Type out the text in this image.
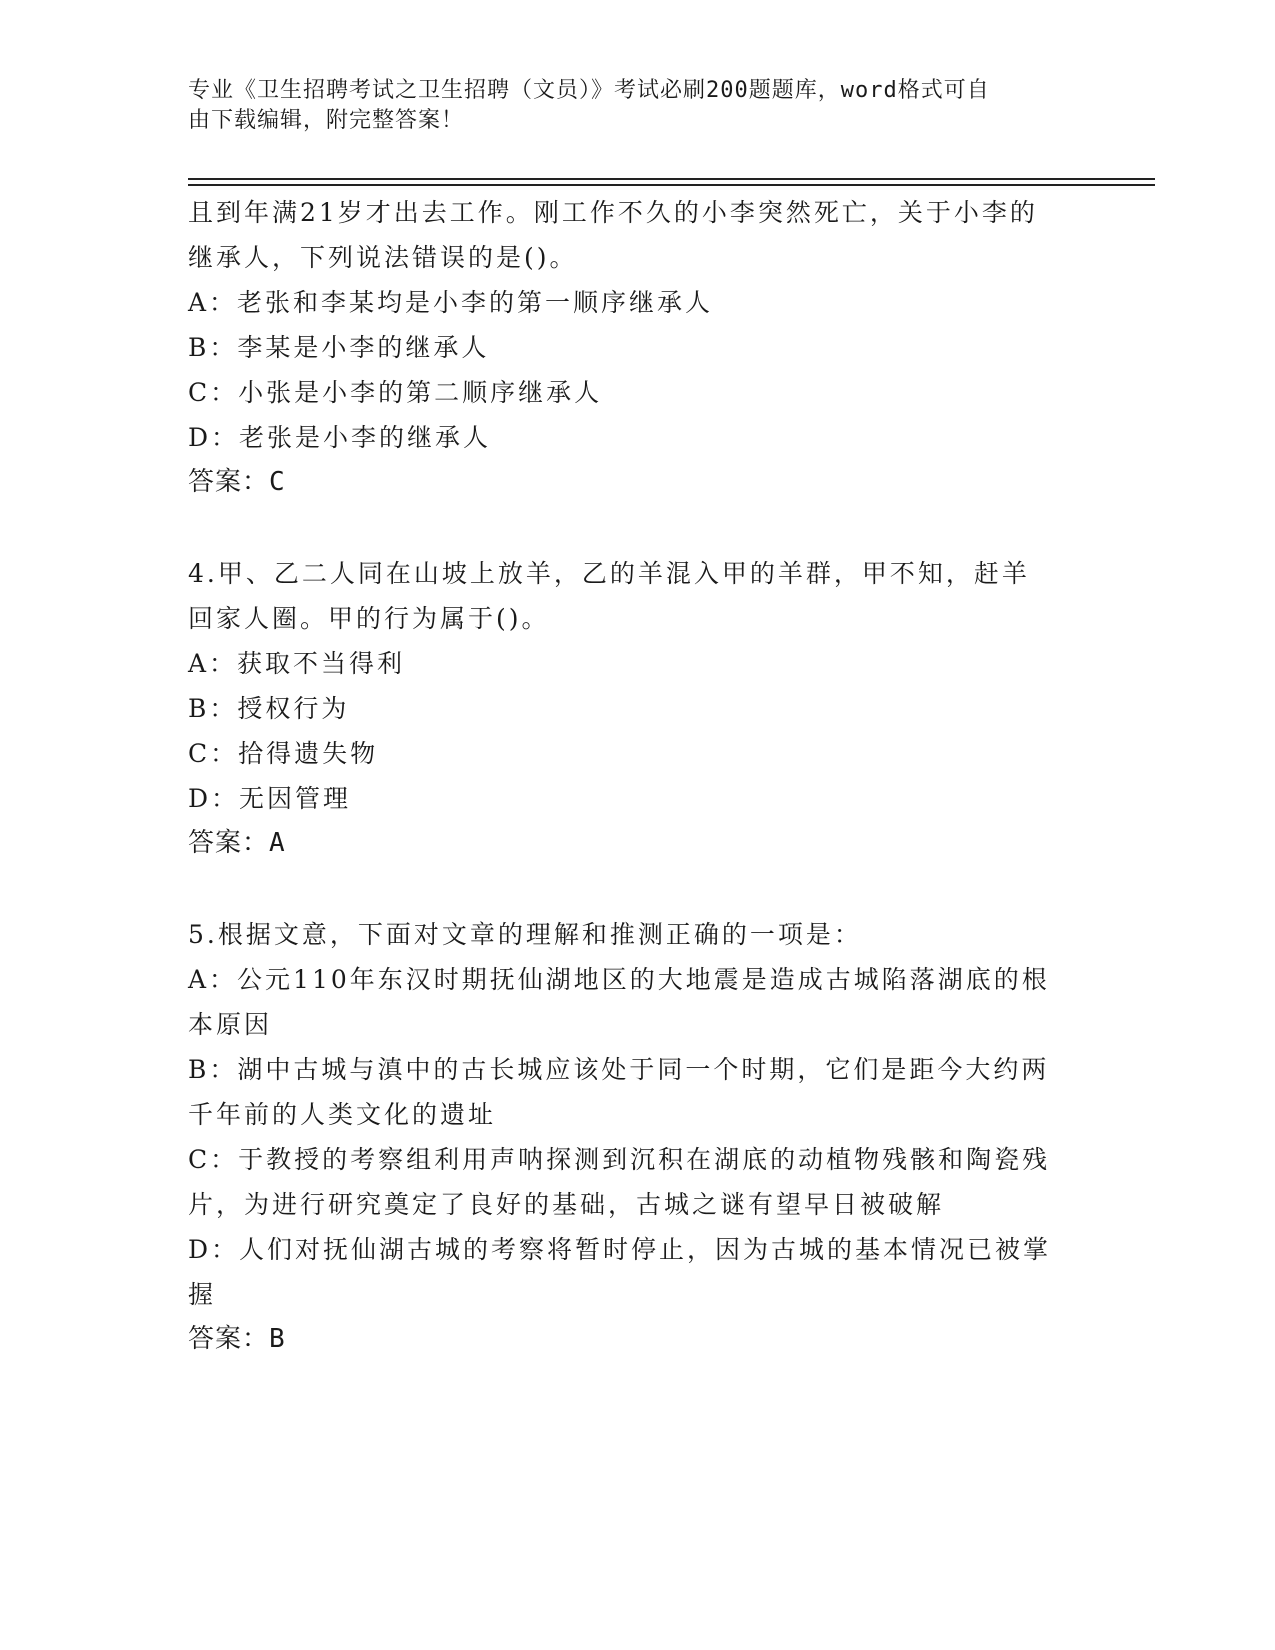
专业《卫生招聘考试之卫生招聘（文员）》考试必刷200题题库，word格式可自
由下载编辑，附完整答案！
且到年满21岁才出去工作。刚工作不久的小李突然死亡，关于小李的
继承人，下列说法错误的是()。
A：老张和李某均是小李的第一顺序继承人
B：李某是小李的继承人
C：小张是小李的第二顺序继承人
D：老张是小李的继承人
答案：C
4.甲、乙二人同在山坡上放羊，乙的羊混入甲的羊群，甲不知，赶羊
回家人圈。甲的行为属于()。
A：获取不当得利
B：授权行为
C：拾得遗失物
D：无因管理
答案：A
5.根据文意，下面对文章的理解和推测正确的一项是：
A：公元110年东汉时期抚仙湖地区的大地震是造成古城陷落湖底的根
本原因
B：湖中古城与滇中的古长城应该处于同一个时期，它们是距今大约两
千年前的人类文化的遗址
C：于教授的考察组利用声呐探测到沉积在湖底的动植物残骸和陶瓷残
片，为进行研究奠定了良好的基础，古城之谜有望早日被破解
D：人们对抚仙湖古城的考察将暂时停止，因为古城的基本情况已被掌
握
答案：B
